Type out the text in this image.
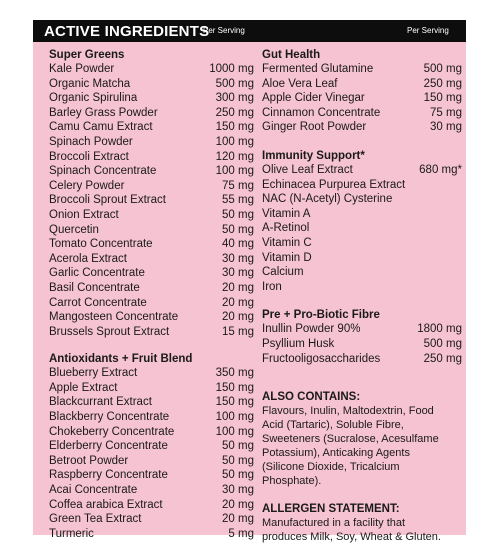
ACTIVE INGREDIENTS
Per Serving	Per Serving
Super Greens
Kale Powder	1000 mg
Organic Matcha	500 mg
Organic Spirulina	300 mg
Barley Grass Powder	250 mg
Camu Camu Extract	150 mg
Spinach Powder	100 mg
Broccoli Extract	120 mg
Spinach Concentrate	100 mg
Celery Powder	75 mg
Broccoli Sprout Extract	55 mg
Onion Extract	50 mg
Quercetin	50 mg
Tomato Concentrate	40 mg
Acerola Extract	30 mg
Garlic Concentrate	30 mg
Basil Concentrate	20 mg
Carrot Concentrate	20 mg
Mangosteen Concentrate	20 mg
Brussels Sprout Extract	15 mg
Antioxidants + Fruit Blend
Blueberry Extract	350 mg
Apple Extract	150 mg
Blackcurrant Extract	150 mg
Blackberry Concentrate	100 mg
Chokeberry Concentrate	100 mg
Elderberry Concentrate	50 mg
Betroot Powder	50 mg
Raspberry Concentrate	50 mg
Acai Concentrate	30 mg
Coffea arabica Extract	20 mg
Green Tea Extract	20 mg
Turmeric	5 mg
Gut Health
Fermented Glutamine	500 mg
Aloe Vera Leaf	250 mg
Apple Cider Vinegar	150 mg
Cinnamon Concentrate	75 mg
Ginger Root Powder	30 mg
Immunity Support*
Olive Leaf Extract	680 mg*
Echinacea Purpurea Extract
NAC (N-Acetyl) Cysterine
Vitamin A
A-Retinol
Vitamin C
Vitamin D
Calcium
Iron
Pre + Pro-Biotic Fibre
Inullin Powder 90%	1800 mg
Psyllium Husk	500 mg
Fructooligosaccharides	250 mg
ALSO CONTAINS:
Flavours, Inulin, Maltodextrin, Food Acid (Tartaric), Soluble Fibre, Sweeteners (Sucralose, Acesulfame Potassium), Anticaking Agents (Silicone Dioxide, Tricalcium Phosphate).
ALLERGEN STATEMENT:
Manufactured in a facility that produces Milk, Soy, Wheat & Gluten.
